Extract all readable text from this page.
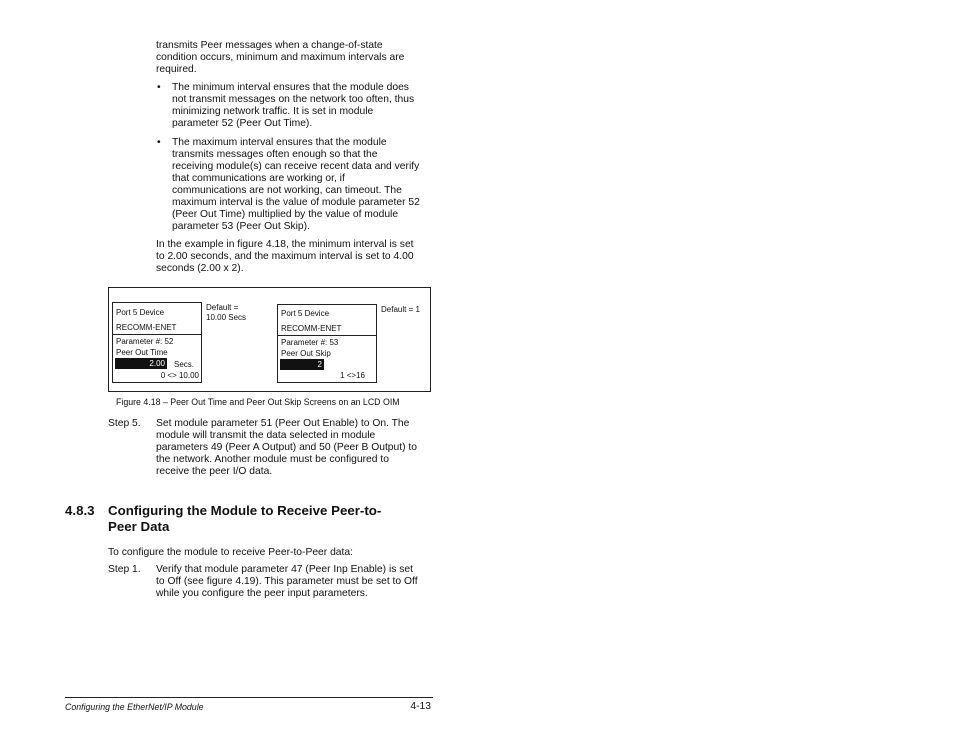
transmits Peer messages when a change-of-state
condition occurs, minimum and maximum intervals are
required.
• The minimum interval ensures that the module does
not transmit messages on the network too often, thus
minimizing network traffic. It is set in module
parameter 52 (Peer Out Time).
• The maximum interval ensures that the module
transmits messages often enough so that the
receiving module(s) can receive recent data and verify
that communications are working or, if
communications are not working, can timeout. The
maximum interval is the value of module parameter 52
(Peer Out Time) multiplied by the value of module
parameter 53 (Peer Out Skip).
In the example in figure 4.18, the minimum interval is set
to 2.00 seconds, and the maximum interval is set to 4.00
seconds (2.00 x 2).
Port 5 Device
RECOMM-ENET
Parameter #: 52
Peer Out Time
2.00 Secs.
0 <> 10.00
Default =
10.00 Secs	Port 5 Device
RECOMM-ENET
Parameter #: 53
Peer Out Skip
2
1 <>16
Default = 1
Figure 4.18 – Peer Out Time and Peer Out Skip Screens on an LCD OIM
Step 5. Set module parameter 51 (Peer Out Enable) to On. The
module will transmit the data selected in module
parameters 49 (Peer A Output) and 50 (Peer B Output) to
the network. Another module must be configured to
receive the peer I/O data.
4.8.3 Configuring the Module to Receive Peer-to-
Peer Data
To configure the module to receive Peer-to-Peer data:
Step 1. Verify that module parameter 47 (Peer Inp Enable) is set
to Off (see figure 4.19). This parameter must be set to Off
while you configure the peer input parameters.
Configuring the EtherNet/IP Module	4-13
